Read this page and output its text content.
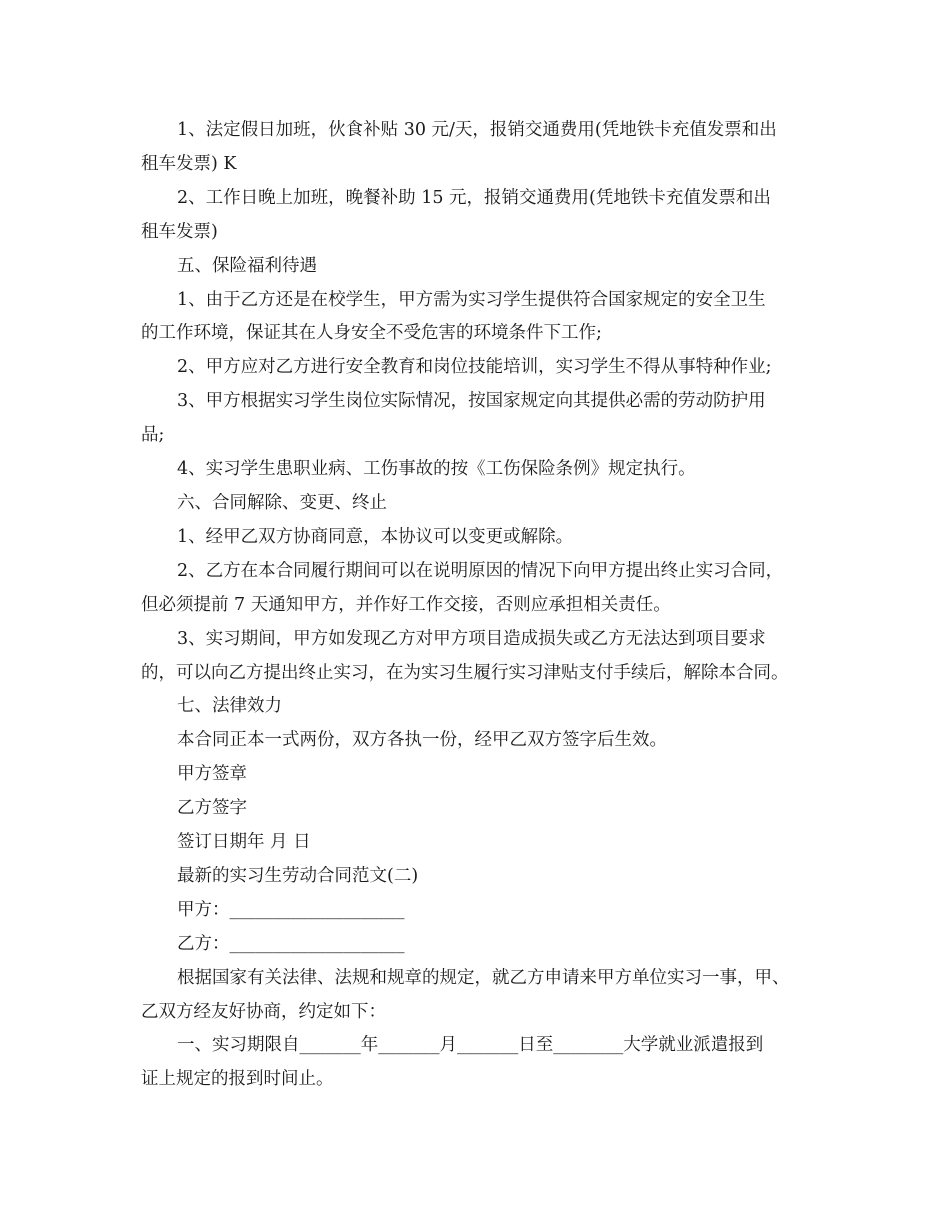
1、法定假日加班，伙食补贴 30 元/天，报销交通费用(凭地铁卡充值发票和出

租车发票) K

2、工作日晚上加班，晚餐补助 15 元，报销交通费用(凭地铁卡充值发票和出

租车发票)

五、保险福利待遇

1、由于乙方还是在校学生，甲方需为实习学生提供符合国家规定的安全卫生

的工作环境，保证其在人身安全不受危害的环境条件下工作;

2、甲方应对乙方进行安全教育和岗位技能培训，实习学生不得从事特种作业;

3、甲方根据实习学生岗位实际情况，按国家规定向其提供必需的劳动防护用

品;

4、实习学生患职业病、工伤事故的按《工伤保险条例》规定执行。

六、合同解除、变更、终止

1、经甲乙双方协商同意，本协议可以变更或解除。

2、乙方在本合同履行期间可以在说明原因的情况下向甲方提出终止实习合同，

但必须提前 7 天通知甲方，并作好工作交接，否则应承担相关责任。

3、实习期间，甲方如发现乙方对甲方项目造成损失或乙方无法达到项目要求

的，可以向乙方提出终止实习，在为实习生履行实习津贴支付手续后，解除本合同。

七、法律效力

本合同正本一式两份，双方各执一份，经甲乙双方签字后生效。

甲方签章

乙方签字

签订日期年 月 日

最新的实习生劳动合同范文(二)

甲方：____________________

乙方：____________________

根据国家有关法律、法规和规章的规定，就乙方申请来甲方单位实习一事，甲、

乙双方经友好协商，约定如下：

一、实习期限自_______年_______月_______日至________大学就业派遣报到

证上规定的报到时间止。
